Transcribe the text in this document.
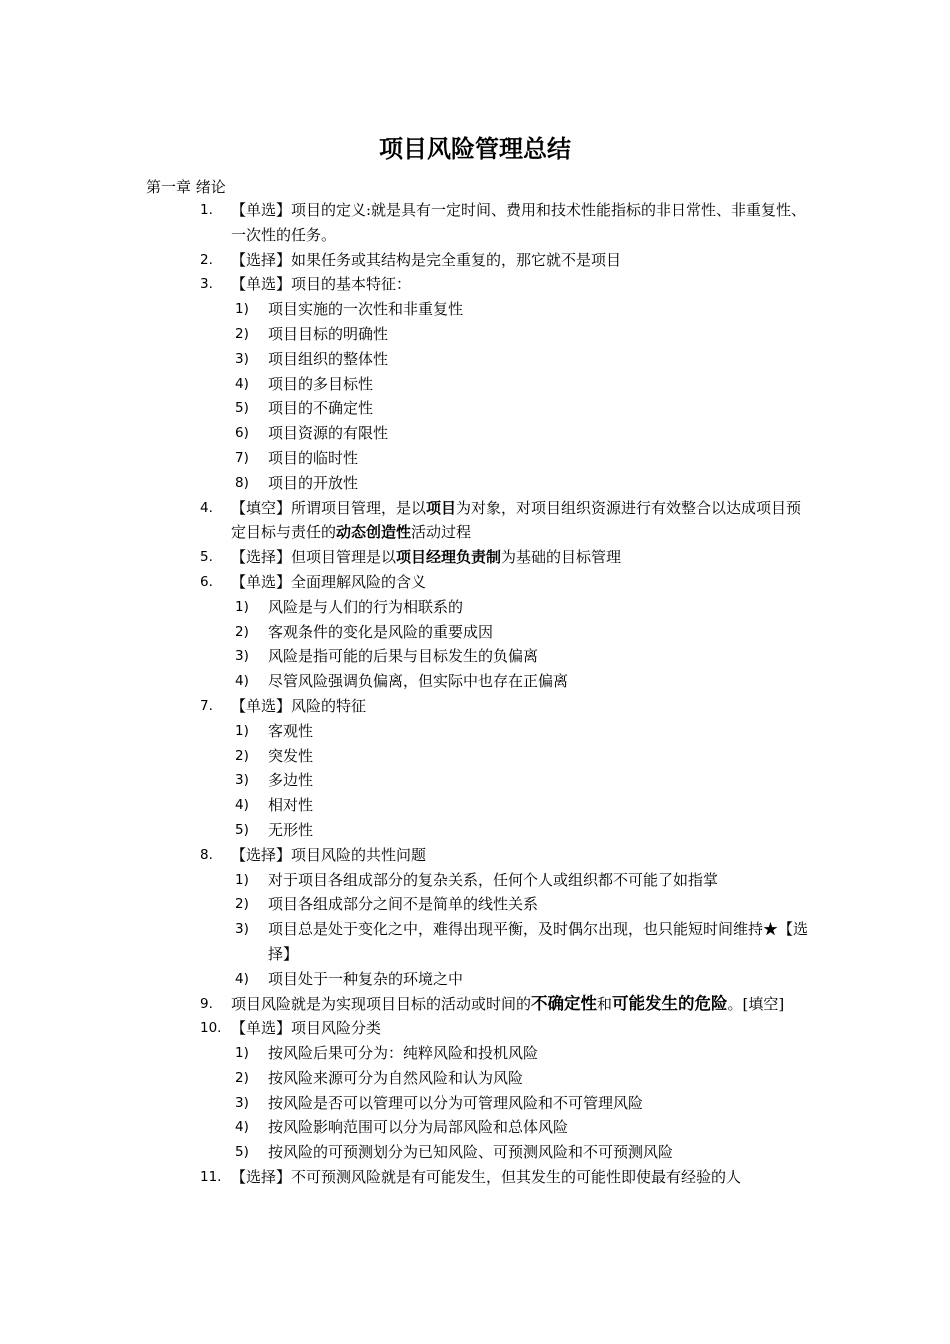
项目风险管理总结
第一章 绪论
1. 【单选】项目的定义:就是具有一定时间、费用和技术性能指标的非日常性、非重复性、一次性的任务。
2. 【选择】如果任务或其结构是完全重复的，那它就不是项目
3. 【单选】项目的基本特征：
1) 项目实施的一次性和非重复性
2) 项目目标的明确性
3) 项目组织的整体性
4) 项目的多目标性
5) 项目的不确定性
6) 项目资源的有限性
7) 项目的临时性
8) 项目的开放性
4. 【填空】所谓项目管理，是以项目为对象，对项目组织资源进行有效整合以达成项目预定目标与责任的动态创造性活动过程
5. 【选择】但项目管理是以项目经理负责制为基础的目标管理
6. 【单选】全面理解风险的含义
1) 风险是与人们的行为相联系的
2) 客观条件的变化是风险的重要成因
3) 风险是指可能的后果与目标发生的负偏离
4) 尽管风险强调负偏离，但实际中也存在正偏离
7. 【单选】风险的特征
1) 客观性
2) 突发性
3) 多边性
4) 相对性
5) 无形性
8. 【选择】项目风险的共性问题
1) 对于项目各组成部分的复杂关系，任何个人或组织都不可能了如指掌
2) 项目各组成部分之间不是简单的线性关系
3) 项目总是处于变化之中，难得出现平衡，及时偶尔出现，也只能短时间维持★【选择】
4) 项目处于一种复杂的环境之中
9. 项目风险就是为实现项目目标的活动或时间的不确定性和可能发生的危险。[填空]
10. 【单选】项目风险分类
1) 按风险后果可分为：纯粹风险和投机风险
2) 按风险来源可分为自然风险和认为风险
3) 按风险是否可以管理可以分为可管理风险和不可管理风险
4) 按风险影响范围可以分为局部风险和总体风险
5) 按风险的可预测划分为已知风险、可预测风险和不可预测风险
11. 【选择】不可预测风险就是有可能发生，但其发生的可能性即使最有经验的人
